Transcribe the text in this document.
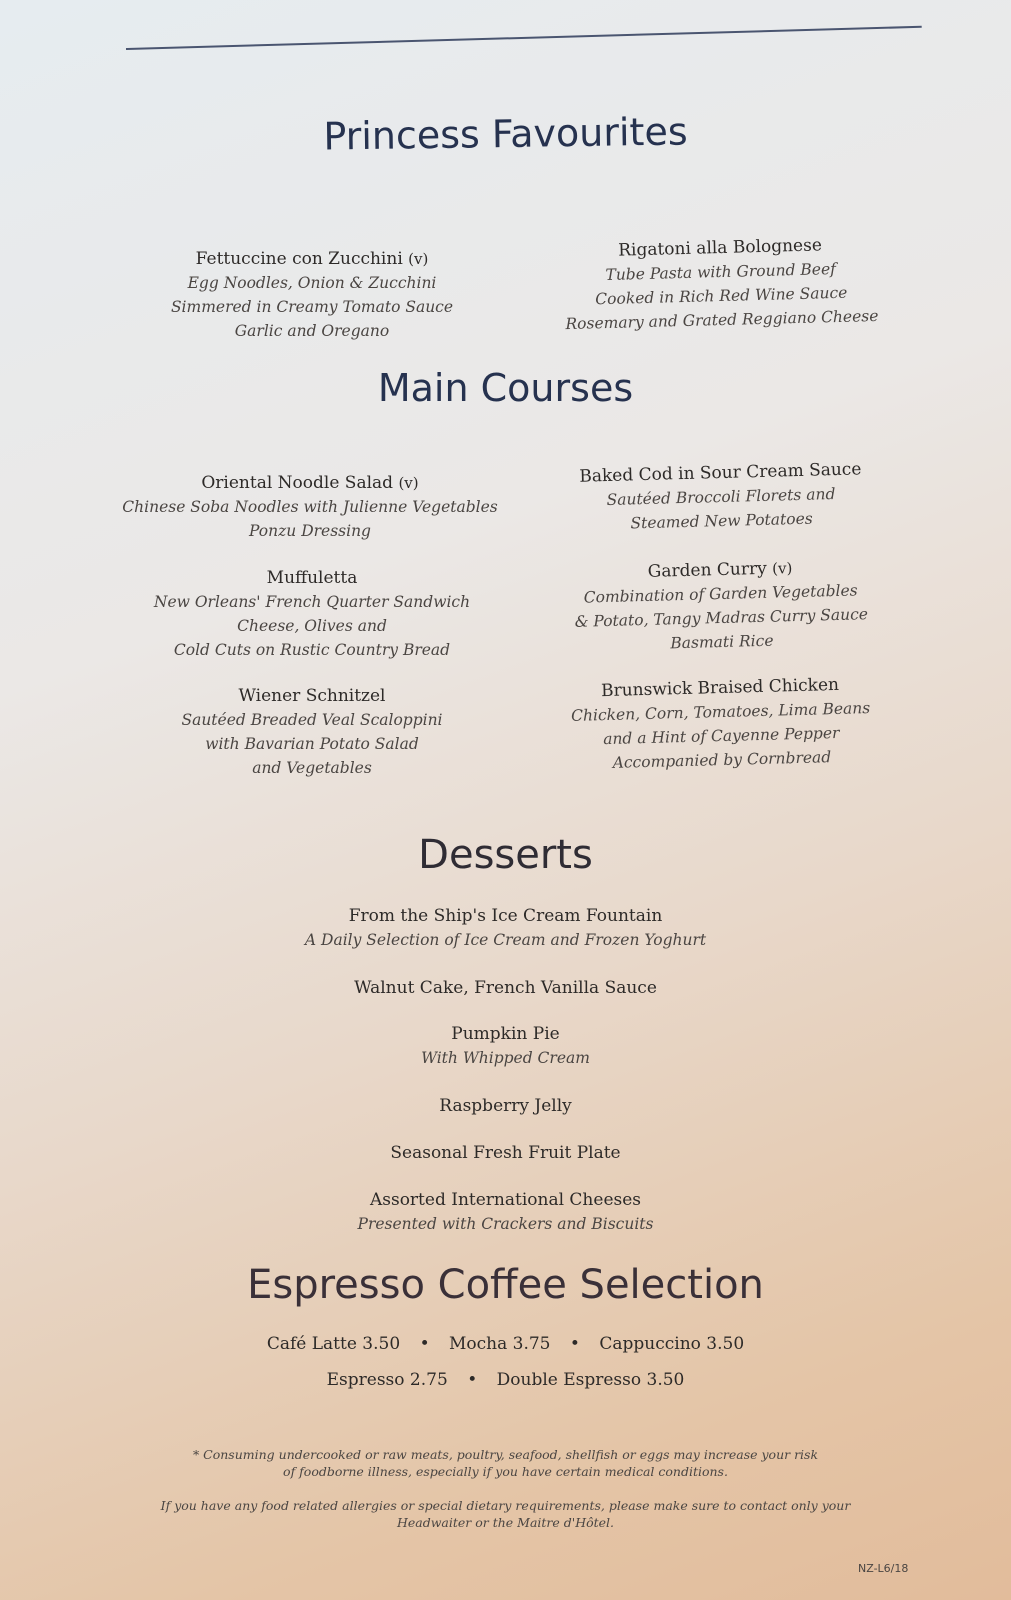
Princess Favourites
Fettuccine con Zucchini (v)
Egg Noodles, Onion & Zucchini
Simmered in Creamy Tomato Sauce
Garlic and Oregano
Rigatoni alla Bolognese
Tube Pasta with Ground Beef
Cooked in Rich Red Wine Sauce
Rosemary and Grated Reggiano Cheese
Main Courses
Oriental Noodle Salad (v)
Chinese Soba Noodles with Julienne Vegetables
Ponzu Dressing
Baked Cod in Sour Cream Sauce
Sautéed Broccoli Florets and
Steamed New Potatoes
Muffuletta
New Orleans' French Quarter Sandwich
Cheese, Olives and
Cold Cuts on Rustic Country Bread
Garden Curry (v)
Combination of Garden Vegetables
& Potato, Tangy Madras Curry Sauce
Basmati Rice
Wiener Schnitzel
Sautéed Breaded Veal Scaloppini
with Bavarian Potato Salad
and Vegetables
Brunswick Braised Chicken
Chicken, Corn, Tomatoes, Lima Beans
and a Hint of Cayenne Pepper
Accompanied by Cornbread
Desserts
From the Ship's Ice Cream Fountain
A Daily Selection of Ice Cream and Frozen Yoghurt
Walnut Cake, French Vanilla Sauce
Pumpkin Pie
With Whipped Cream
Raspberry Jelly
Seasonal Fresh Fruit Plate
Assorted International Cheeses
Presented with Crackers and Biscuits
Espresso Coffee Selection
Café Latte 3.50 • Mocha 3.75 • Cappuccino 3.50
Espresso 2.75 • Double Espresso 3.50
* Consuming undercooked or raw meats, poultry, seafood, shellfish or eggs may increase your risk
of foodborne illness, especially if you have certain medical conditions.
If you have any food related allergies or special dietary requirements, please make sure to contact only your
Headwaiter or the Maitre d'Hôtel.
NZ-L6/18
